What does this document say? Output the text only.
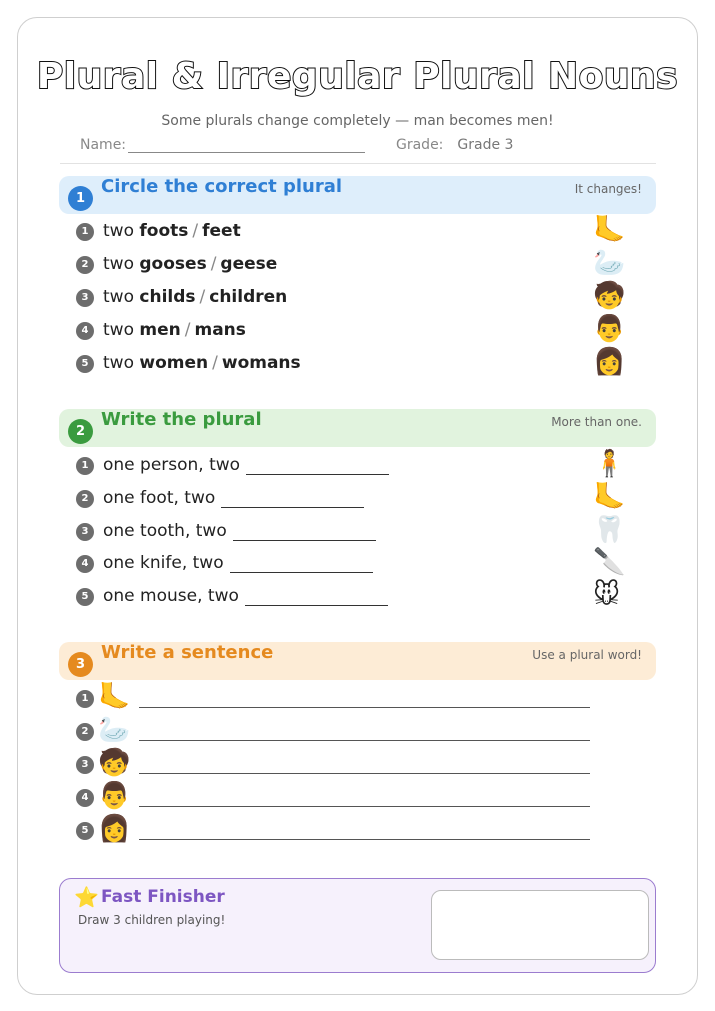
Plural & Irregular Plural Nouns
Some plurals change completely — man becomes men!
Name:	Grade: Grade 3
1
Circle the correct plural	It changes!
1 two foots / feet	🦶
2 two gooses / geese	🦢
3 two childs / children	🧒
4 two men / mans	👨
5 two women / womans	👩
2
Write the plural	More than one.
1 one person, two	🧍
2 one foot, two	🦶
3 one tooth, two	🦷
4 one knife, two	🔪
5 one mouse, two	🐭
3
Write a sentence	Use a plural word!
1 🦶
2 🦢
3 🧒
4 👨
5 👩
⭐ Fast Finisher
Draw 3 children playing!
